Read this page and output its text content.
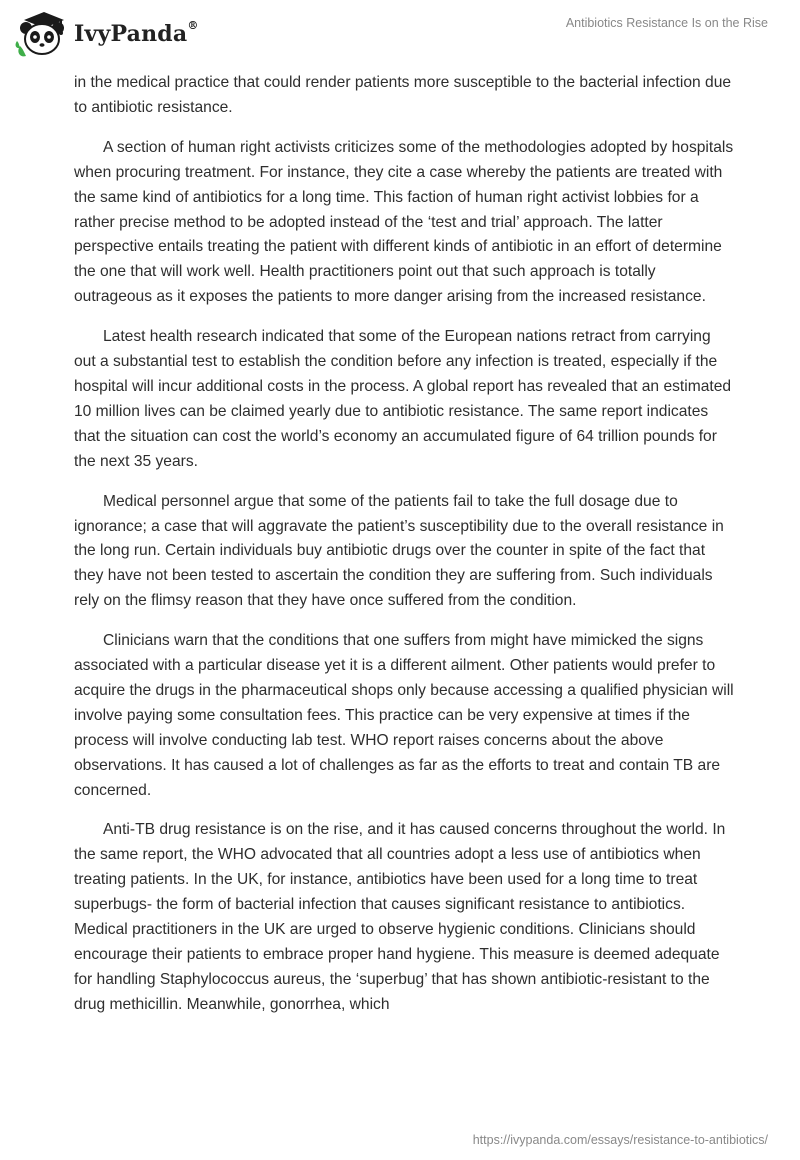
IvyPanda®	Antibiotics Resistance Is on the Rise

in the medical practice that could render patients more susceptible to the bacterial infection due to antibiotic resistance.

A section of human right activists criticizes some of the methodologies adopted by hospitals when procuring treatment. For instance, they cite a case whereby the patients are treated with the same kind of antibiotics for a long time. This faction of human right activist lobbies for a rather precise method to be adopted instead of the ‘test and trial’ approach. The latter perspective entails treating the patient with different kinds of antibiotic in an effort of determine the one that will work well. Health practitioners point out that such approach is totally outrageous as it exposes the patients to more danger arising from the increased resistance.

Latest health research indicated that some of the European nations retract from carrying out a substantial test to establish the condition before any infection is treated, especially if the hospital will incur additional costs in the process. A global report has revealed that an estimated 10 million lives can be claimed yearly due to antibiotic resistance. The same report indicates that the situation can cost the world’s economy an accumulated figure of 64 trillion pounds for the next 35 years.

Medical personnel argue that some of the patients fail to take the full dosage due to ignorance; a case that will aggravate the patient’s susceptibility due to the overall resistance in the long run. Certain individuals buy antibiotic drugs over the counter in spite of the fact that they have not been tested to ascertain the condition they are suffering from. Such individuals rely on the flimsy reason that they have once suffered from the condition.

Clinicians warn that the conditions that one suffers from might have mimicked the signs associated with a particular disease yet it is a different ailment. Other patients would prefer to acquire the drugs in the pharmaceutical shops only because accessing a qualified physician will involve paying some consultation fees. This practice can be very expensive at times if the process will involve conducting lab test. WHO report raises concerns about the above observations. It has caused a lot of challenges as far as the efforts to treat and contain TB are concerned.

Anti-TB drug resistance is on the rise, and it has caused concerns throughout the world. In the same report, the WHO advocated that all countries adopt a less use of antibiotics when treating patients. In the UK, for instance, antibiotics have been used for a long time to treat superbugs- the form of bacterial infection that causes significant resistance to antibiotics. Medical practitioners in the UK are urged to observe hygienic conditions. Clinicians should encourage their patients to embrace proper hand hygiene. This measure is deemed adequate for handling Staphylococcus aureus, the ‘superbug’ that has shown antibiotic-resistant to the drug methicillin. Meanwhile, gonorrhea, which

https://ivypanda.com/essays/resistance-to-antibiotics/
